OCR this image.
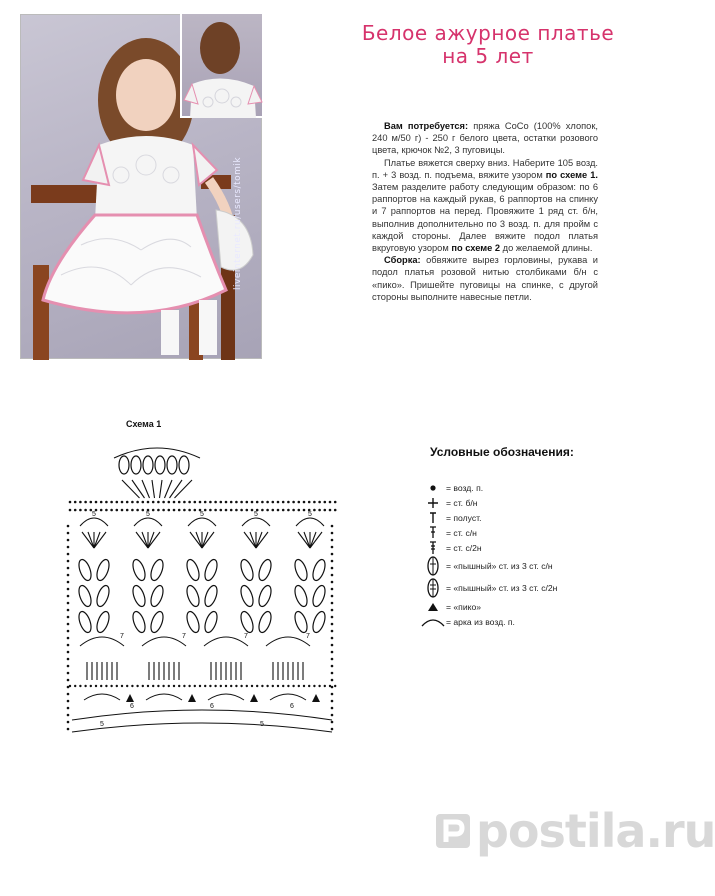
liveinternet.ru/users/tomik
Белое ажурное платье
на 5 лет

Вам потребуется: пряжа СоСо (100% хлопок, 240 м/50 г) - 250 г белого цвета, остатки розового цвета, крючок №2, 3 пуговицы.

Платье вяжется сверху вниз. Наберите 105 возд. п. + 3 возд. п. подъема, вяжите узором по схеме 1. Затем разделите работу следующим образом: по 6 раппортов на каждый рукав, 6 раппортов на спинку и 7 раппортов на перед. Провяжите 1 ряд ст. б/н, выполнив дополнительно по 3 возд. п. для пройм с каждой стороны. Далее вяжите подол платья вкруговую узором по схеме 2 до желаемой длины.

Сборка: обвяжите вырез горловины, рукава и подол платья розовой нитью столбиками б/н с «пико». Пришейте пуговицы на спинке, с другой стороны выполните навесные петли.

Схема 1
5	5	5	5	5
7	7	7	7
6	6	6
5	5
Условные обозначения:
= возд. п.
= ст. б/н
= полуст.
= ст. с/н
= ст. с/2н
= «пышный» ст. из 3 ст. с/н
= «пышный» ст. из 3 ст. с/2н
= «пико»
= арка из возд. п.
postila.ru
